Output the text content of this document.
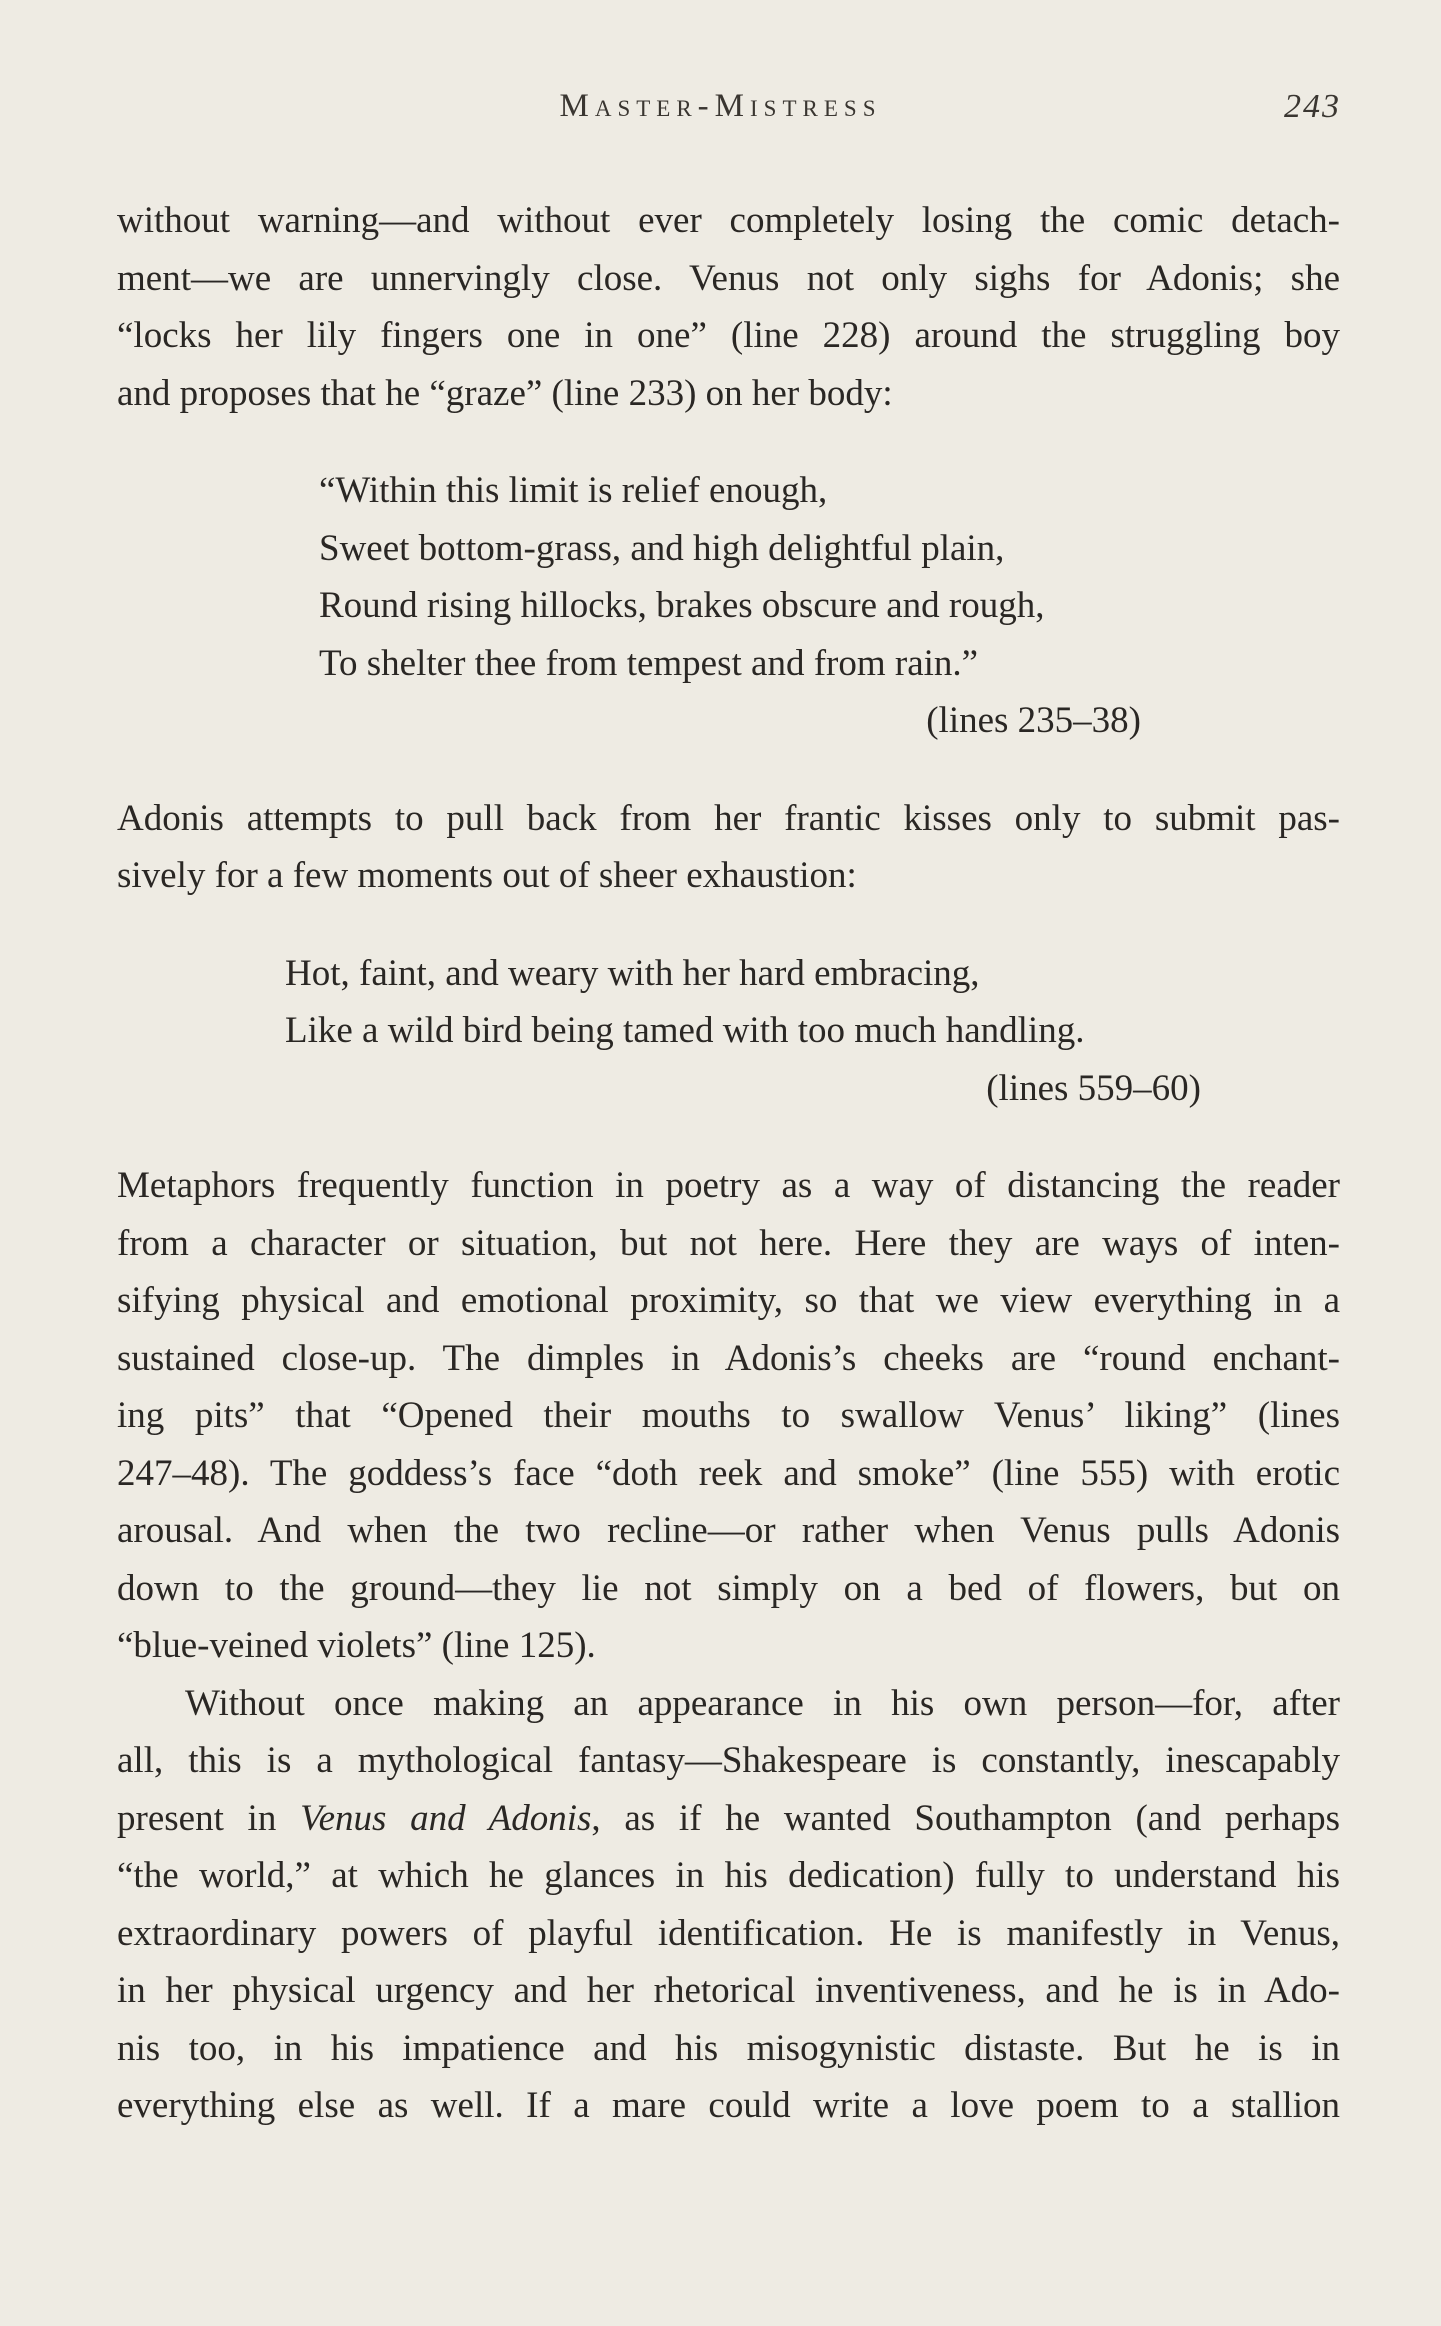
Master-Mistress	243
without warning—and without ever completely losing the comic detach-
ment—we are unnervingly close. Venus not only sighs for Adonis; she
“locks her lily fingers one in one” (line 228) around the struggling boy
and proposes that he “graze” (line 233) on her body:
“Within this limit is relief enough,
Sweet bottom-grass, and high delightful plain,
Round rising hillocks, brakes obscure and rough,
To shelter thee from tempest and from rain.”
(lines 235–38)
Adonis attempts to pull back from her frantic kisses only to submit pas-
sively for a few moments out of sheer exhaustion:
Hot, faint, and weary with her hard embracing,
Like a wild bird being tamed with too much handling.
(lines 559–60)
Metaphors frequently function in poetry as a way of distancing the reader
from a character or situation, but not here. Here they are ways of inten-
sifying physical and emotional proximity, so that we view everything in a
sustained close-up. The dimples in Adonis’s cheeks are “round enchant-
ing pits” that “Opened their mouths to swallow Venus’ liking” (lines
247–48). The goddess’s face “doth reek and smoke” (line 555) with erotic
arousal. And when the two recline—or rather when Venus pulls Adonis
down to the ground—they lie not simply on a bed of flowers, but on
“blue-veined violets” (line 125).
Without once making an appearance in his own person—for, after
all, this is a mythological fantasy—Shakespeare is constantly, inescapably
present in Venus and Adonis, as if he wanted Southampton (and perhaps
“the world,” at which he glances in his dedication) fully to understand his
extraordinary powers of playful identification. He is manifestly in Venus,
in her physical urgency and her rhetorical inventiveness, and he is in Ado-
nis too, in his impatience and his misogynistic distaste. But he is in
everything else as well. If a mare could write a love poem to a stallion
